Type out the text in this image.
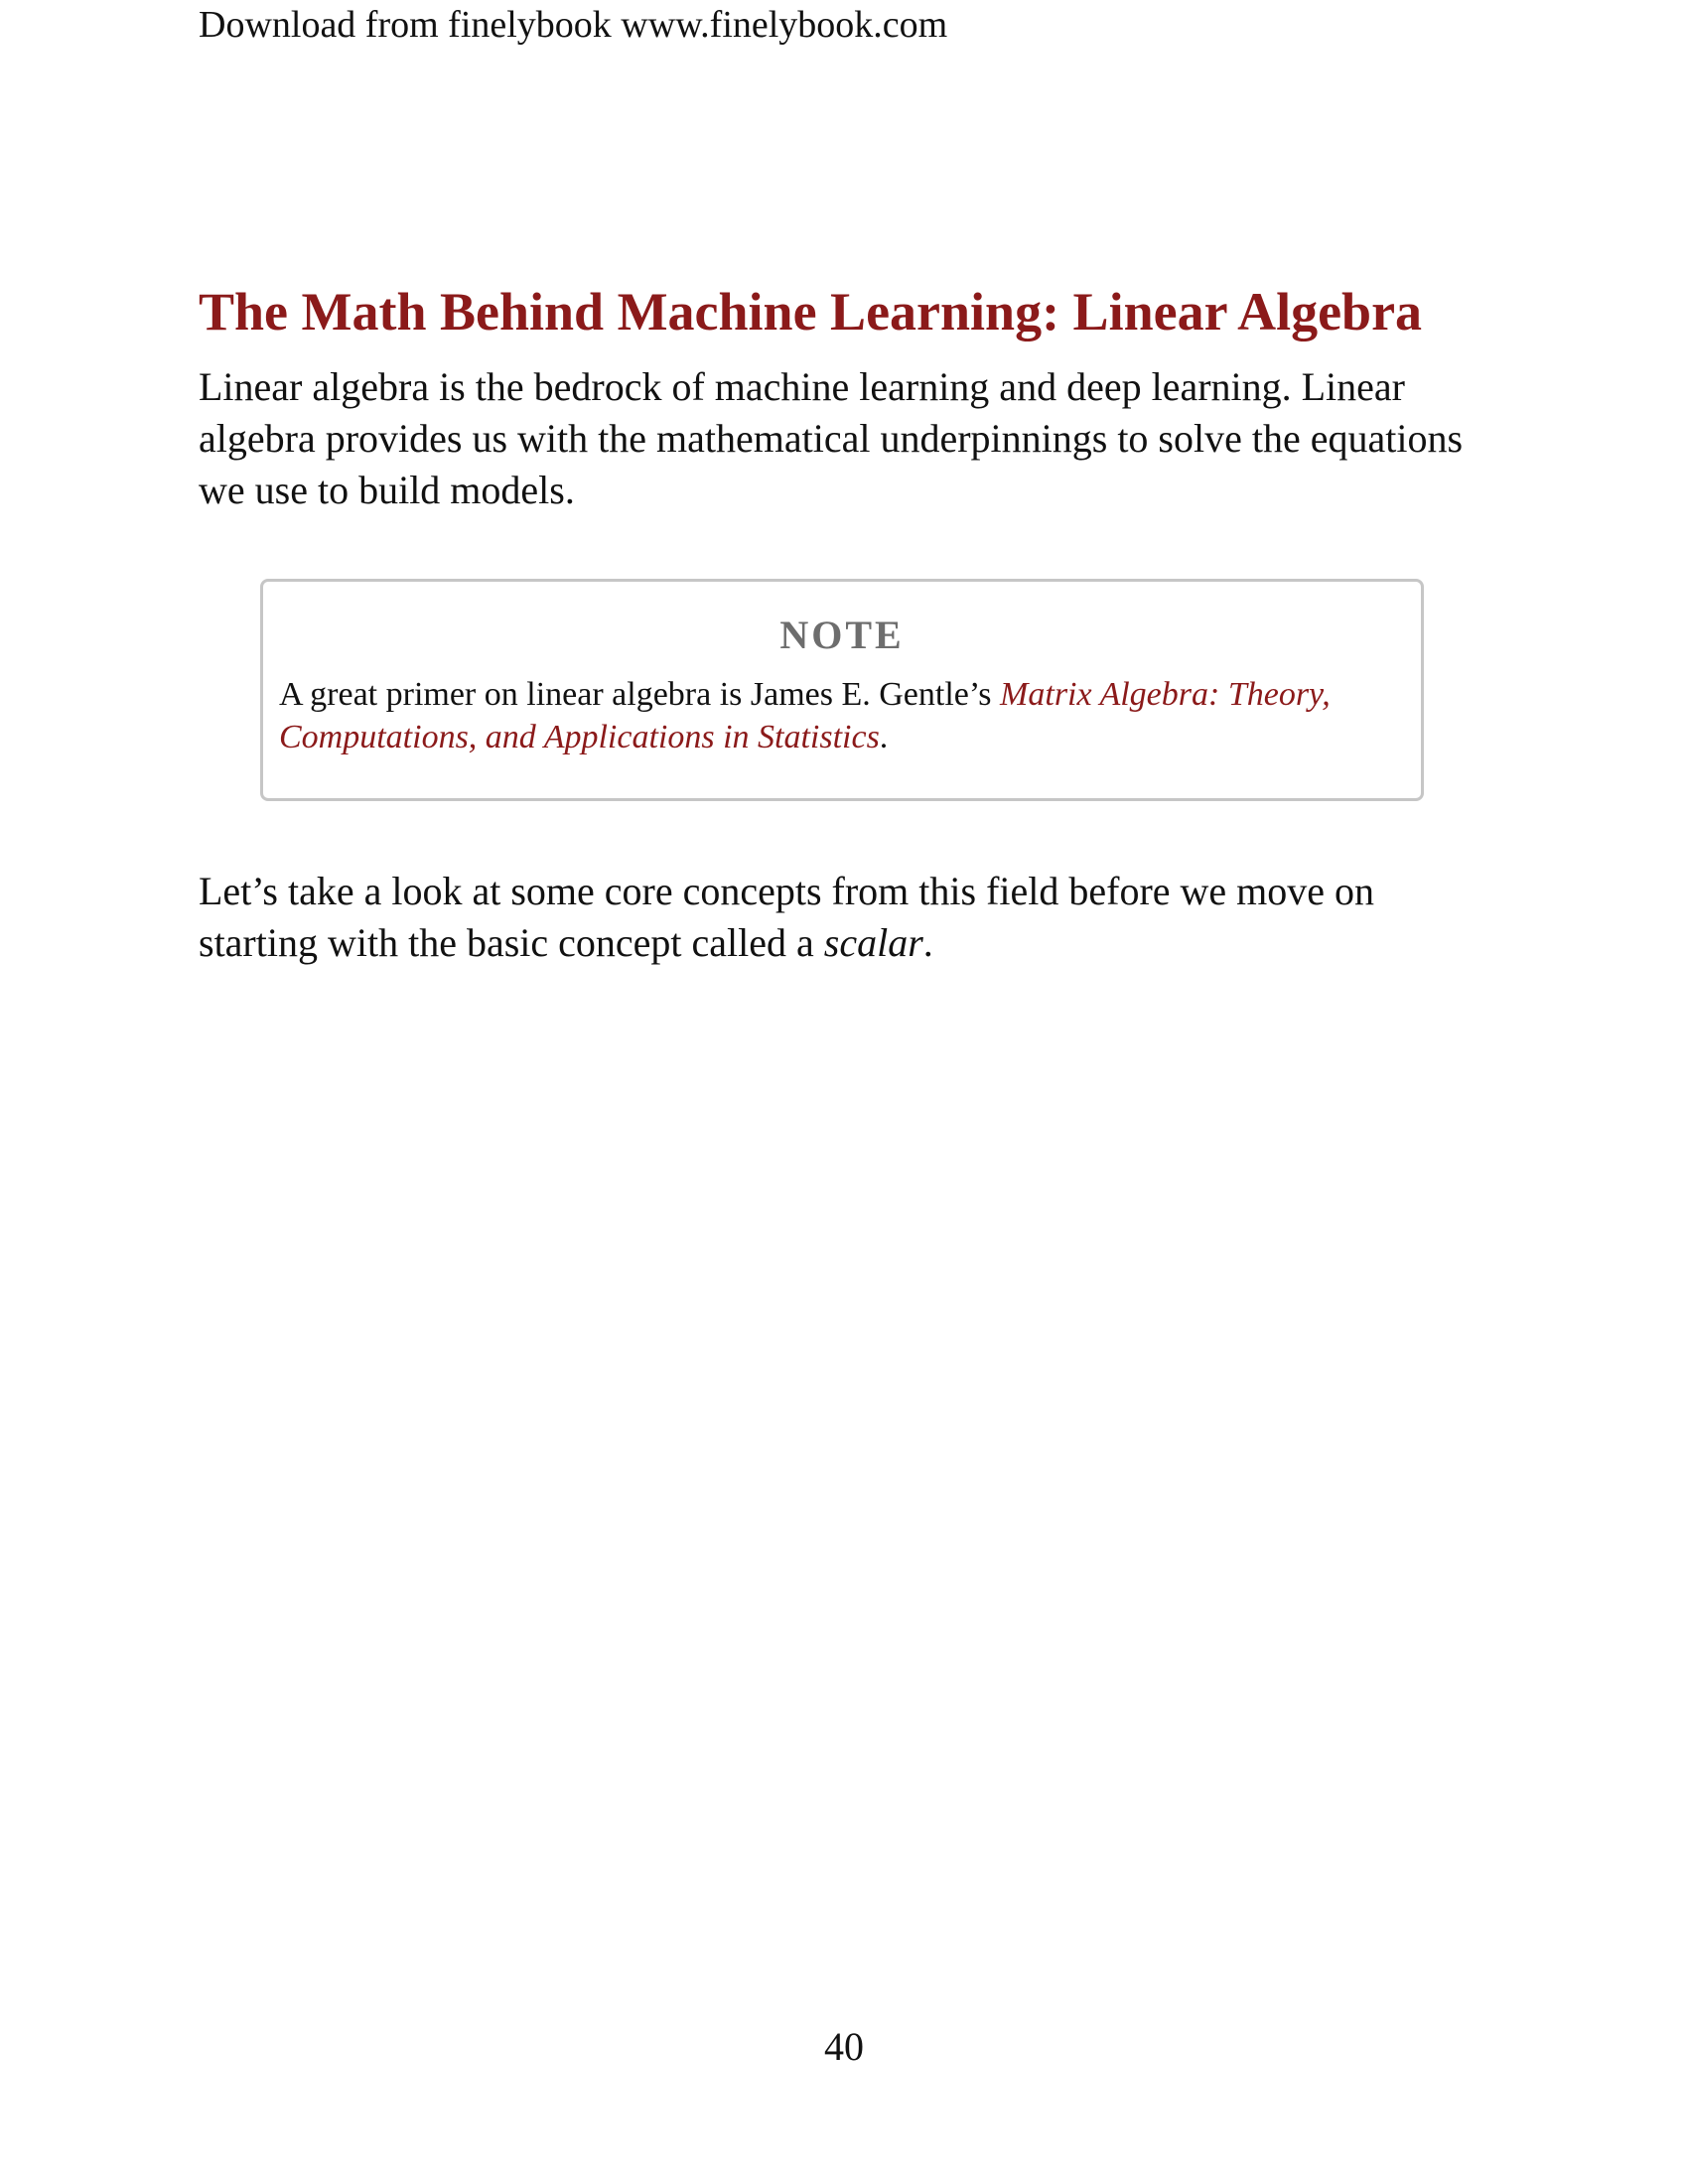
Download from finelybook www.finelybook.com
The Math Behind Machine Learning: Linear Algebra

Linear algebra is the bedrock of machine learning and deep learning. Linear algebra provides us with the mathematical underpinnings to solve the equations we use to build models.

NOTE

A great primer on linear algebra is James E. Gentle’s Matrix Algebra: Theory, Computations, and Applications in Statistics.

Let’s take a look at some core concepts from this field before we move on starting with the basic concept called a scalar.

40
